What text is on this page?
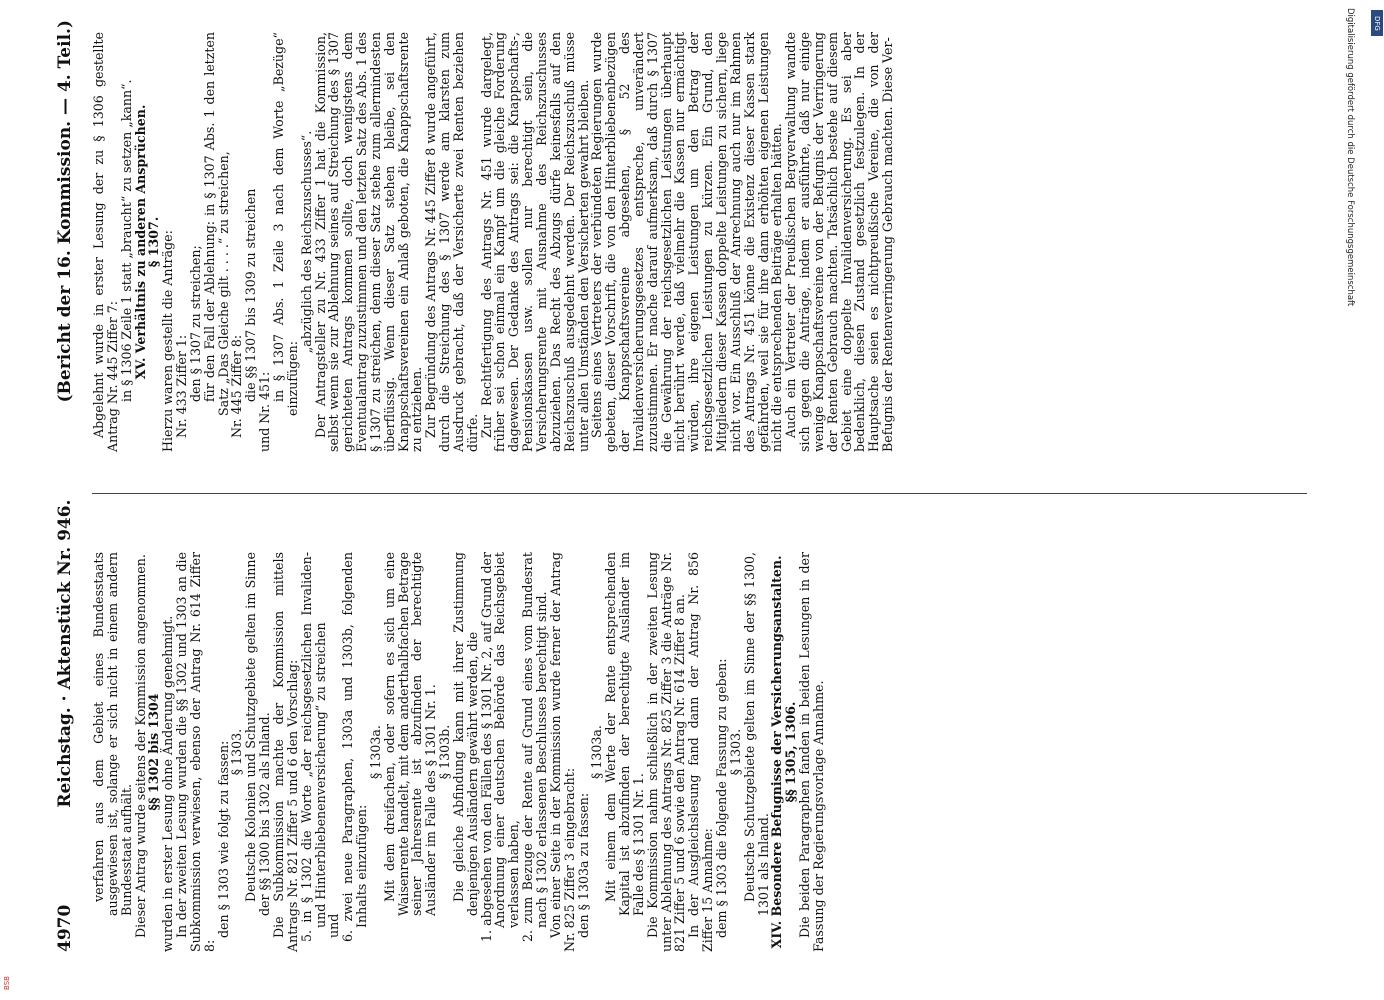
4970
Reichstag. · Aktenstück Nr. 946.
(Bericht der 16. Kommission. — 4. Teil.)

verfahren aus dem Gebiet eines Bundesstaats ausgewiesen ist, solange er sich nicht in einem andern Bundesstaat aufhält.

Dieser Antrag wurde seitens der Kommission angenommen.

§§ 1302 bis 1304

wurden in erster Lesung ohne Änderung genehmigt.

In der zweiten Lesung wurden die §§ 1302 und 1303 an die Subkommission verwiesen, ebenso der Antrag Nr. 614 Ziffer 8:

den § 1303 wie folgt zu fassen:

§ 1303.

Deutsche Kolonien und Schutzgebiete gelten im Sinne der §§ 1300 bis 1302 als Inland.

Die Subkommission machte der Kommission mittels Antrags Nr. 821 Ziffer 5 und 6 den Vorschlag:

5. in § 1302 die Worte „der reichsgesetzlichen Invaliden- und Hinterbliebenenversicherung“ zu streichen

und

6. zwei neue Paragraphen, 1303a und 1303b, folgenden Inhalts einzufügen:

§ 1303a.

Mit dem dreifachen, oder sofern es sich um eine Waisenrente handelt, mit dem anderthalbfachen Betrage seiner Jahresrente ist abzufinden der berechtigte Ausländer im Falle des § 1301 Nr. 1.

§ 1303b.

Die gleiche Abfindung kann mit ihrer Zustimmung denjenigen Ausländern gewährt werden, die

1. abgesehen von den Fällen des § 1301 Nr. 2, auf Grund der Anordnung einer deutschen Behörde das Reichsgebiet verlassen haben,

2. zum Bezuge der Rente auf Grund eines vom Bundesrat nach § 1302 erlassenen Beschlusses berechtigt sind.

Von einer Seite in der Kommission wurde ferner der Antrag Nr. 825 Ziffer 3 eingebracht:

den § 1303a zu fassen:

§ 1303a.

Mit einem dem Werte der Rente entsprechenden Kapital ist abzufinden der berechtigte Ausländer im Falle des § 1301 Nr. 1.

Die Kommission nahm schließlich in der zweiten Lesung unter Ablehnung des Antrags Nr. 825 Ziffer 3 die Anträge Nr. 821 Ziffer 5 und 6 sowie den Antrag Nr. 614 Ziffer 8 an.

In der Ausgleichslesung fand dann der Antrag Nr. 856 Ziffer 15 Annahme:

dem § 1303 die folgende Fassung zu geben:

§ 1303.

Deutsche Schutzgebiete gelten im Sinne der §§ 1300, 1301 als Inland.

XIV. Besondere Befugnisse der Versicherungsanstalten.

§§ 1305, 1306.

Die beiden Paragraphen fanden in beiden Lesungen in der Fassung der Regierungsvorlage Annahme.

Abgelehnt wurde in erster Lesung der zu § 1306 gestellte Antrag Nr. 445 Ziffer 7:

in § 1306 Zeile 1 statt „braucht“ zu setzen „kann“.

XV. Verhältnis zu anderen Ansprüchen.

§ 1307.

Hierzu waren gestellt die Anträge:

Nr. 433 Ziffer 1:

den § 1307 zu streichen;

für den Fall der Ablehnung: in § 1307 Abs. 1 den letzten Satz „Das Gleiche gilt . . . .“ zu streichen,

Nr. 445 Ziffer 8:

die §§ 1307 bis 1309 zu streichen

und Nr. 451:

in § 1307 Abs. 1 Zeile 3 nach dem Worte „Bezüge“ einzufügen:

„abzüglich des Reichszuschusses“.

Der Antragsteller zu Nr. 433 Ziffer 1 hat die Kommission, selbst wenn sie zur Ablehnung seines auf Streichung des § 1307 gerichteten Antrags kommen sollte, doch wenigstens dem Eventualantrag zuzustimmen und den letzten Satz des Abs. 1 des § 1307 zu streichen, denn dieser Satz stehe zum allermindesten überflüssig. Wenn dieser Satz stehen bleibe, sei den Knappschaftsvereinen ein Anlaß geboten, die Knappschaftsrente zu entziehen.

Zur Begründung des Antrags Nr. 445 Ziffer 8 wurde angeführt, durch die Streichung des § 1307 werde am klarsten zum Ausdruck gebracht, daß der Versicherte zwei Renten beziehen dürfe.

Zur Rechtfertigung des Antrags Nr. 451 wurde dargelegt, früher sei schon einmal ein Kampf um die gleiche Forderung dagewesen. Der Gedanke des Antrags sei: die Knappschafts-, Pensionskassen usw. sollen nur berechtigt sein, die Versicherungsrente mit Ausnahme des Reichszuschusses abzuziehen. Das Recht des Abzugs dürfe keinesfalls auf den Reichszuschuß ausgedehnt werden. Der Reichszuschuß müsse unter allen Umständen den Versicherten gewahrt bleiben.

Seitens eines Vertreters der verbündeten Regierungen wurde gebeten, dieser Vorschrift, die von den Hinterbliebenenbezügen der Knappschaftsvereine abgesehen, § 52 des Invalidenversicherungsgesetzes entspreche, unverändert zuzustimmen. Er mache darauf aufmerksam, daß durch § 1307 die Gewährung der reichsgesetzlichen Leistungen überhaupt nicht berührt werde, daß vielmehr die Kassen nur ermächtigt würden, ihre eigenen Leistungen um den Betrag der reichsgesetzlichen Leistungen zu kürzen. Ein Grund, den Mitgliedern dieser Kassen doppelte Leistungen zu sichern, liege nicht vor. Ein Ausschluß der Anrechnung auch nur im Rahmen des Antrags Nr. 451 könne die Existenz dieser Kassen stark gefährden, weil sie für ihre dann erhöhten eigenen Leistungen nicht die entsprechenden Beiträge erhalten hätten.

Auch ein Vertreter der Preußischen Bergverwaltung wandte sich gegen die Anträge, indem er ausführte, daß nur einige wenige Knappschaftsvereine von der Befugnis der Verringerung der Renten Gebrauch machten. Tatsächlich bestehe auf diesem Gebiet eine doppelte Invalidenversicherung. Es sei aber bedenklich, diesen Zustand gesetzlich festzulegen. In der Hauptsache seien es nichtpreußische Vereine, die von der Befugnis der Rentenverringerung Gebrauch machten. Diese Ver-	Digitalisierung gefördert durch die Deutsche Forschungsgemeinschaft	DFG
BSB
